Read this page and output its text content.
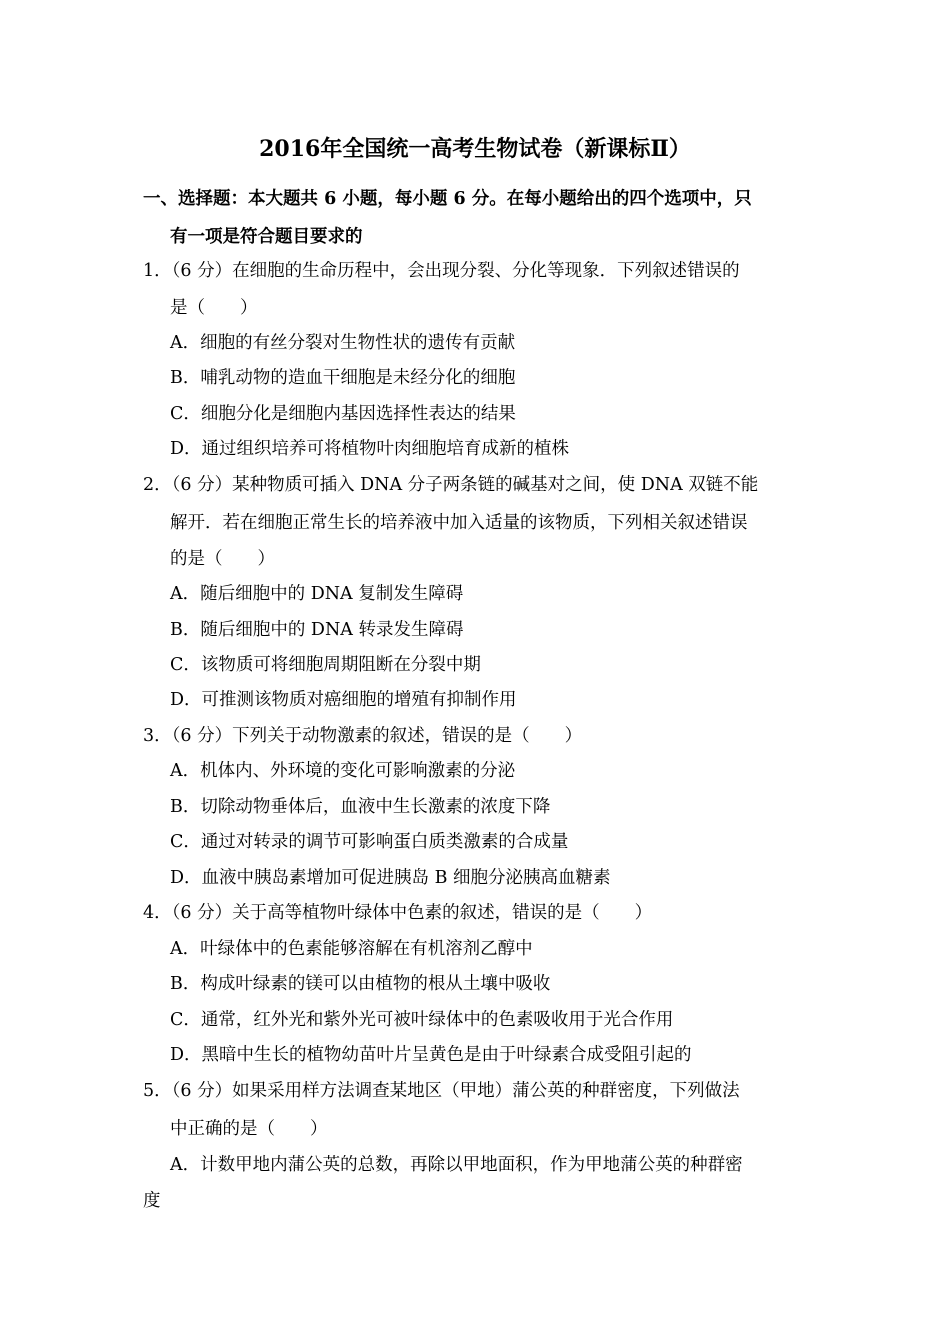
2016年全国统一高考生物试卷（新课标Ⅱ）
一、选择题：本大题共 6 小题，每小题 6 分。在每小题给出的四个选项中，只
有一项是符合题目要求的
1．（6 分）在细胞的生命历程中，会出现分裂、分化等现象．下列叙述错误的
是（　　）
A．细胞的有丝分裂对生物性状的遗传有贡献
B．哺乳动物的造血干细胞是未经分化的细胞
C．细胞分化是细胞内基因选择性表达的结果
D．通过组织培养可将植物叶肉细胞培育成新的植株
2．（6 分）某种物质可插入 DNA 分子两条链的碱基对之间，使 DNA 双链不能
解开．若在细胞正常生长的培养液中加入适量的该物质，下列相关叙述错误
的是（　　）
A．随后细胞中的 DNA 复制发生障碍
B．随后细胞中的 DNA 转录发生障碍
C．该物质可将细胞周期阻断在分裂中期
D．可推测该物质对癌细胞的增殖有抑制作用
3．（6 分）下列关于动物激素的叙述，错误的是（　　）
A．机体内、外环境的变化可影响激素的分泌
B．切除动物垂体后，血液中生长激素的浓度下降
C．通过对转录的调节可影响蛋白质类激素的合成量
D．血液中胰岛素增加可促进胰岛 B 细胞分泌胰高血糖素
4．（6 分）关于高等植物叶绿体中色素的叙述，错误的是（　　）
A．叶绿体中的色素能够溶解在有机溶剂乙醇中
B．构成叶绿素的镁可以由植物的根从土壤中吸收
C．通常，红外光和紫外光可被叶绿体中的色素吸收用于光合作用
D．黑暗中生长的植物幼苗叶片呈黄色是由于叶绿素合成受阻引起的
5．（6 分）如果采用样方法调查某地区（甲地）蒲公英的种群密度，下列做法
中正确的是（　　）
A．计数甲地内蒲公英的总数，再除以甲地面积，作为甲地蒲公英的种群密
度
